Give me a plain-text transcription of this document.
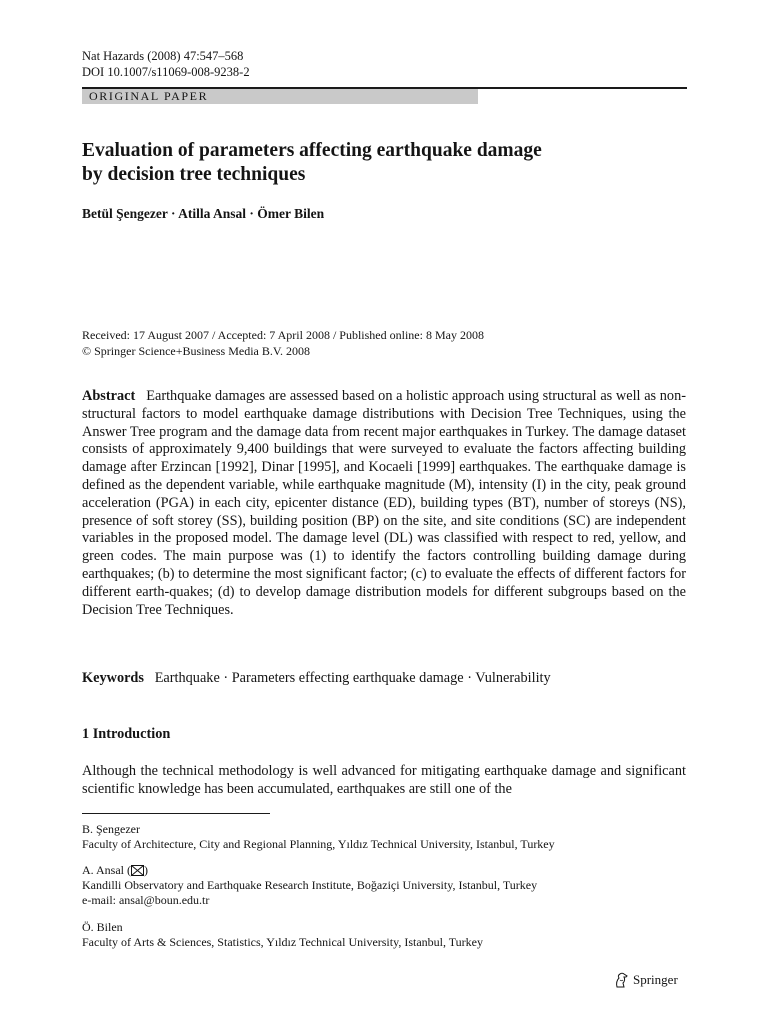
Nat Hazards (2008) 47:547–568
DOI 10.1007/s11069-008-9238-2
ORIGINAL PAPER
Evaluation of parameters affecting earthquake damage
by decision tree techniques
Betül Şengezer · Atilla Ansal · Ömer Bilen
Received: 17 August 2007 / Accepted: 7 April 2008 / Published online: 8 May 2008
© Springer Science+Business Media B.V. 2008
Abstract Earthquake damages are assessed based on a holistic approach using structural as well as non-structural factors to model earthquake damage distributions with Decision Tree Techniques, using the Answer Tree program and the damage data from recent major earthquakes in Turkey. The damage dataset consists of approximately 9,400 buildings that were surveyed to evaluate the factors affecting building damage after Erzincan [1992], Dinar [1995], and Kocaeli [1999] earthquakes. The earthquake damage is defined as the dependent variable, while earthquake magnitude (M), intensity (I) in the city, peak ground acceleration (PGA) in each city, epicenter distance (ED), building types (BT), number of storeys (NS), presence of soft storey (SS), building position (BP) on the site, and site conditions (SC) are independent variables in the proposed model. The damage level (DL) was classified with respect to red, yellow, and green codes. The main purpose was (1) to identify the factors controlling building damage during earthquakes; (b) to determine the most significant factor; (c) to evaluate the effects of different factors for different earth-quakes; (d) to develop damage distribution models for different subgroups based on the Decision Tree Techniques.
Keywords Earthquake · Parameters effecting earthquake damage · Vulnerability
1 Introduction

Although the technical methodology is well advanced for mitigating earthquake damage and significant scientific knowledge has been accumulated, earthquakes are still one of the

B. Şengezer
Faculty of Architecture, City and Regional Planning, Yıldız Technical University, Istanbul, Turkey
A. Ansal ( )
Kandilli Observatory and Earthquake Research Institute, Boğaziçi University, Istanbul, Turkey
e-mail: ansal@boun.edu.tr
Ö. Bilen
Faculty of Arts & Sciences, Statistics, Yıldız Technical University, Istanbul, Turkey
Springer
